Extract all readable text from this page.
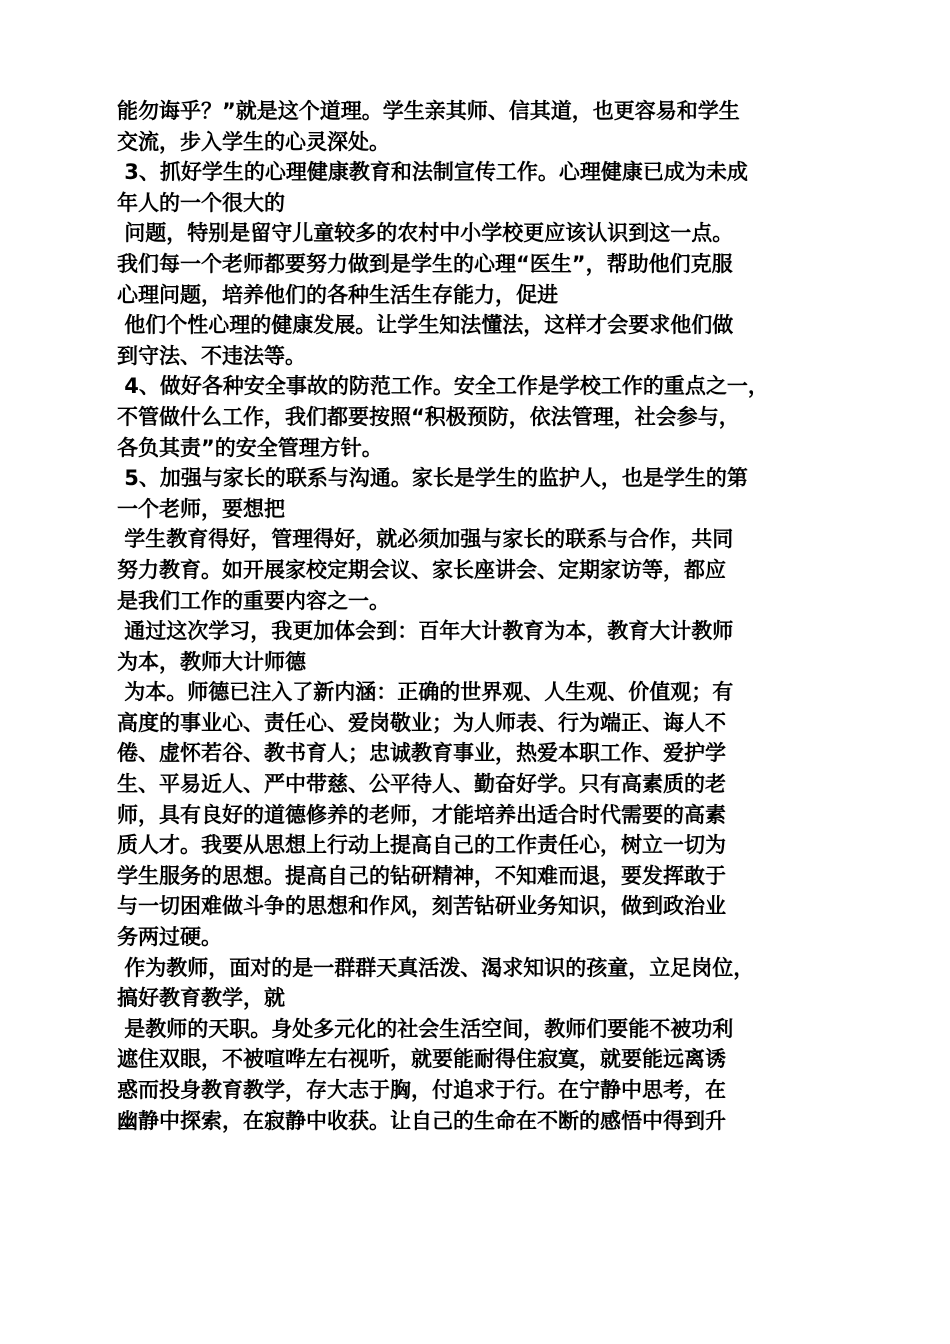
能勿诲乎？”就是这个道理。学生亲其师、信其道，也更容易和学生
交流，步入学生的心灵深处。
3、抓好学生的心理健康教育和法制宣传工作。心理健康已成为未成
年人的一个很大的
问题，特别是留守儿童较多的农村中小学校更应该认识到这一点。
我们每一个老师都要努力做到是学生的心理“医生”，帮助他们克服
心理问题，培养他们的各种生活生存能力，促进
他们个性心理的健康发展。让学生知法懂法，这样才会要求他们做
到守法、不违法等。
4、做好各种安全事故的防范工作。安全工作是学校工作的重点之一，
不管做什么工作，我们都要按照“积极预防，依法管理，社会参与，
各负其责”的安全管理方针。
5、加强与家长的联系与沟通。家长是学生的监护人，也是学生的第
一个老师，要想把
学生教育得好，管理得好，就必须加强与家长的联系与合作，共同
努力教育。如开展家校定期会议、家长座讲会、定期家访等，都应
是我们工作的重要内容之一。
通过这次学习，我更加体会到：百年大计教育为本，教育大计教师
为本，教师大计师德
为本。师德已注入了新内涵：正确的世界观、人生观、价值观；有
高度的事业心、责任心、爱岗敬业；为人师表、行为端正、诲人不
倦、虚怀若谷、教书育人；忠诚教育事业，热爱本职工作、爱护学
生、平易近人、严中带慈、公平待人、勤奋好学。只有高素质的老
师，具有良好的道德修养的老师，才能培养出适合时代需要的高素
质人才。我要从思想上行动上提高自己的工作责任心，树立一切为
学生服务的思想。提高自己的钻研精神，不知难而退，要发挥敢于
与一切困难做斗争的思想和作风，刻苦钻研业务知识，做到政治业
务两过硬。
作为教师，面对的是一群群天真活泼、渴求知识的孩童，立足岗位，
搞好教育教学，就
是教师的天职。身处多元化的社会生活空间，教师们要能不被功利
遮住双眼，不被喧哗左右视听，就要能耐得住寂寞，就要能远离诱
惑而投身教育教学，存大志于胸，付追求于行。在宁静中思考，在
幽静中探索，在寂静中收获。让自己的生命在不断的感悟中得到升
